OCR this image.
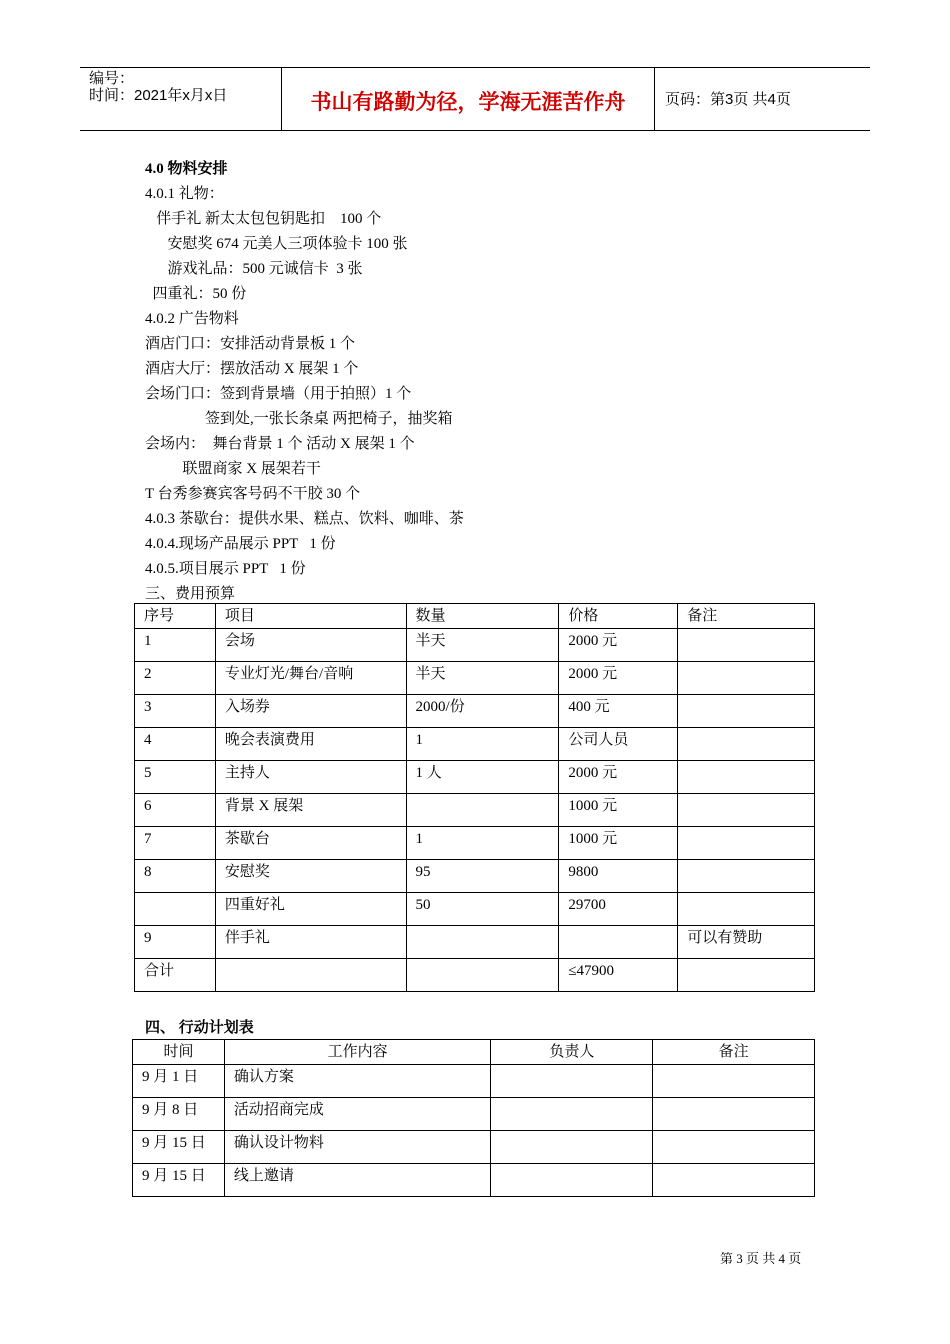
编号：
时间：2021年x月x日	书山有路勤为径，学海无涯苦作舟	页码：第3页 共4页
4.0 物料安排
4.0.1 礼物：
伴手礼 新太太包包钥匙扣    100 个
安慰奖 674 元美人三项体验卡 100 张
游戏礼品：500 元诚信卡  3 张
四重礼：50 份
4.0.2 广告物料
酒店门口：安排活动背景板 1 个
酒店大厅：摆放活动 X 展架 1 个
会场门口：签到背景墙（用于拍照）1 个
签到处,一张长条桌 两把椅子，抽奖箱
会场内：  舞台背景 1 个 活动 X 展架 1 个
联盟商家 X 展架若干
T 台秀参赛宾客号码不干胶 30 个
4.0.3 茶歇台：提供水果、糕点、饮料、咖啡、茶
4.0.4.现场产品展示 PPT   1 份
4.0.5.项目展示 PPT   1 份
三、费用预算
序号	项目	数量	价格	备注
1	会场	半天	2000 元	
2	专业灯光/舞台/音响	半天	2000 元	
3	入场券	2000/份	400 元	
4	晚会表演费用	1	公司人员	
5	主持人	1 人	2000 元	
6	背景 X 展架		1000 元	
7	茶歇台	1	1000 元	
8	安慰奖	95	9800	
	四重好礼	50	29700	
9	伴手礼			可以有赞助
合计			≤47900	
四、 行动计划表
时间	工作内容	负责人	备注
9 月 1 日	确认方案		
9 月 8 日	活动招商完成		
9 月 15 日	确认设计物料		
9 月 15 日	线上邀请		
第 3 页 共 4 页
